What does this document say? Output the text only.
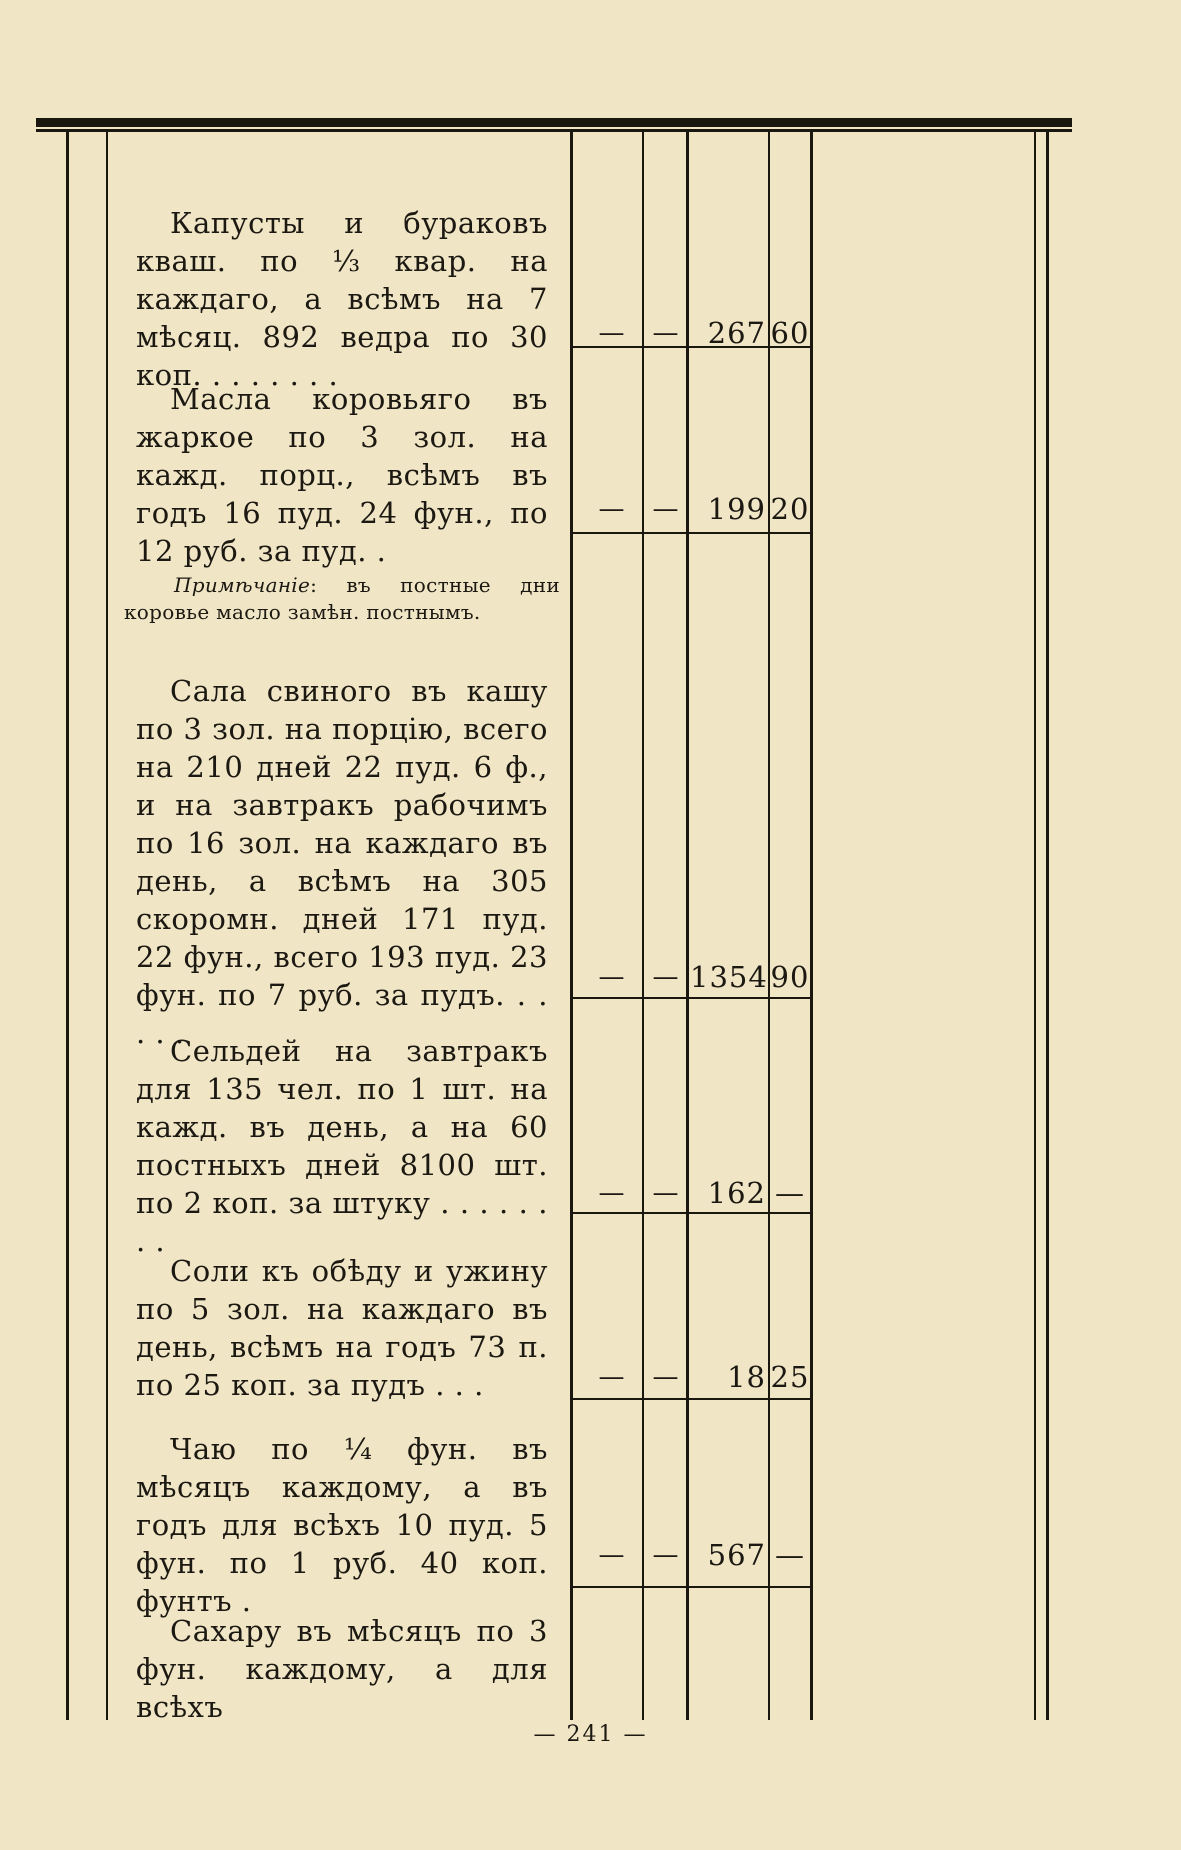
Капусты и бураковъ кваш. по ⅓ квар. на каждаго, а всѣмъ на 7 мѣсяц. 892 ведра по 30 коп. . . . . . . .
—	— 267 60
Масла коровьяго въ жаркое по 3 зол. на кажд. порц., всѣмъ въ годъ 16 пуд. 24 фун., по 12 руб. за пуд. .
—	— 199 20
Примѣчаніе: въ постные дни коровье масло замѣн. постнымъ.
Сала свиного въ кашу по 3 зол. на порцію, всего на 210 дней 22 пуд. 6 ф., и на завтракъ рабочимъ по 16 зол. на каждаго въ день, а всѣмъ на 305 скоромн. дней 171 пуд. 22 фун., всего 193 пуд. 23 фун. по 7 руб. за пудъ. . . . . .
—	— 1354 90
Сельдей на завтракъ для 135 чел. по 1 шт. на кажд. въ день, а на 60 постныхъ дней 8100 шт. по 2 коп. за штуку . . . . . . . .
—	— 162 —
Соли къ обѣду и ужину по 5 зол. на каждаго въ день, всѣмъ на годъ 73 п. по 25 коп. за пудъ . . .	—	—	18 25
Чаю по ¼ фун. въ мѣсяцъ каждому, а въ годъ для всѣхъ 10 пуд. 5 фун. по 1 руб. 40 коп. фунтъ .
—	— 567 —
Сахару въ мѣсяцъ по 3 фун. каждому, а для всѣхъ
— 241 —
